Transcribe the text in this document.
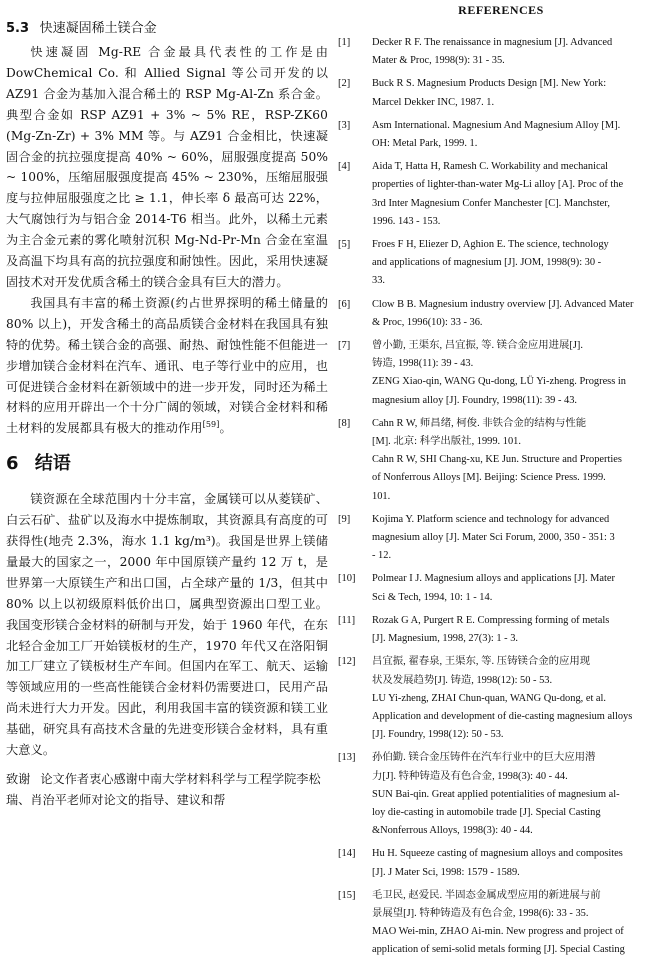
5.3 快速凝固稀土镁合金

快速凝固 Mg-RE 合金最具代表性的工作是由 DowChemical Co. 和 Allied Signal 等公司开发的以 AZ91 合金为基加入混合稀土的 RSP Mg-Al-Zn 系合金。典型合金如 RSP AZ91 + 3% ~ 5% RE，RSP-ZK60 (Mg-Zn-Zr) + 3% MM 等。与 AZ91 合金相比，快速凝固合金的抗拉强度提高 40% ~ 60%，屈服强度提高 50% ~ 100%，压缩屈服强度提高 45% ~ 230%，压缩屈服强度与拉伸屈服强度之比 ≥ 1.1，伸长率 δ 最高可达 22%，大气腐蚀行为与铝合金 2014-T6 相当。此外，以稀土元素为主合金元素的雾化喷射沉积 Mg-Nd-Pr-Mn 合金在室温及高温下均具有高的抗拉强度和耐蚀性。因此，采用快速凝固技术对开发优质含稀土的镁合金具有巨大的潜力。

我国具有丰富的稀土资源(约占世界探明的稀土储量的 80% 以上)，开发含稀土的高品质镁合金材料在我国具有独特的优势。稀土镁合金的高强、耐热、耐蚀性能不但能进一步增加镁合金材料在汽车、通讯、电子等行业中的应用，也可促进镁合金材料在新领域中的进一步开发，同时还为稀土材料的应用开辟出一个十分广阔的领域，对镁合金材料和稀土材料的发展都具有极大的推动作用[59]。

6 结语

镁资源在全球范围内十分丰富，金属镁可以从菱镁矿、白云石矿、盐矿以及海水中提炼制取，其资源具有高度的可获得性(地壳 2.3%，海水 1.1 kg/m³)。我国是世界上镁储量最大的国家之一，2000 年中国原镁产量约 12 万 t，是世界第一大原镁生产和出口国，占全球产量的 1/3，但其中 80% 以上以初级原料低价出口，属典型资源出口型工业。我国变形镁合金材料的研制与开发，始于 1960 年代，在东北轻合金加工厂开始镁板材的生产，1970 年代又在洛阳铜加工厂建立了镁板材生产车间。但国内在军工、航天、运输等领域应用的一些高性能镁合金材料仍需要进口，民用产品尚未进行大力开发。因此，利用我国丰富的镁资源和镁工业基础，研究具有高技术含量的先进变形镁合金材料，具有重大意义。

致谢 论文作者衷心感谢中南大学材料科学与工程学院李松瑞、肖治平老师对论文的指导、建议和帮
REFERENCES
[1]	Decker R F. The renaissance in magnesium [J]. Advanced
Mater & Proc, 1998(9): 31 - 35.
[2]	Buck R S. Magnesium Products Design [M]. New York:
Marcel Dekker INC, 1987. 1.
[3]	Asm International. Magnesium And Magnesium Alloy [M].
OH: Metal Park, 1999. 1.
[4]	Aida T, Hatta H, Ramesh C. Workability and mechanical
properties of lighter-than-water Mg-Li alloy [A]. Proc of the
3rd Inter Magnesium Confer Manchester [C]. Manchster,
1996. 143 - 153.
[5]	Froes F H, Eliezer D, Aghion E. The science, technology
and applications of magnesium [J]. JOM, 1998(9): 30 -
33.
[6]	Clow B B. Magnesium industry overview [J]. Advanced Mater
& Proc, 1996(10): 33 - 36.
[7]	曾小勤, 王渠东, 吕宜振, 等. 镁合金应用进展[J].
铸造, 1998(11): 39 - 43.
ZENG Xiao-qin, WANG Qu-dong, LÜ Yi-zheng. Progress in
magnesium alloy [J]. Foundry, 1998(11): 39 - 43.
[8]	Cahn R W, 师昌绪, 柯俊. 非铁合金的结构与性能
[M]. 北京: 科学出版社, 1999. 101.
Cahn R W, SHI Chang-xu, KE Jun. Structure and Properties
of Nonferrous Alloys [M]. Beijing: Science Press. 1999.
101.
[9]	Kojima Y. Platform science and technology for advanced
magnesium alloy [J]. Mater Sci Forum, 2000, 350 - 351: 3
- 12.
[10]	Polmear I J. Magnesium alloys and applications [J]. Mater
Sci & Tech, 1994, 10: 1 - 14.
[11]	Rozak G A, Purgert R E. Compressing forming of metals
[J]. Magnesium, 1998, 27(3): 1 - 3.
[12]	吕宜振, 翟春泉, 王渠东, 等. 压铸镁合金的应用现
状及发展趋势[J]. 铸造, 1998(12): 50 - 53.
LU Yi-zheng, ZHAI Chun-quan, WANG Qu-dong, et al.
Application and development of die-casting magnesium alloys
[J]. Foundry, 1998(12): 50 - 53.
[13]	孙伯勤. 镁合金压铸件在汽车行业中的巨大应用潜
力[J]. 特种铸造及有色合金, 1998(3): 40 - 44.
SUN Bai-qin. Great applied potentialities of magnesium al-
loy die-casting in automobile trade [J]. Special Casting
&Nonferrous Alloys, 1998(3): 40 - 44.
[14]	Hu H. Squeeze casting of magnesium alloys and composites
[J]. J Mater Sci, 1998: 1579 - 1589.
[15]	毛卫民, 赵爱民. 半固态金属成型应用的新进展与前
景展望[J]. 特种铸造及有色合金, 1998(6): 33 - 35.
MAO Wei-min, ZHAO Ai-min. New progress and project of
application of semi-solid metals forming [J]. Special Casting
